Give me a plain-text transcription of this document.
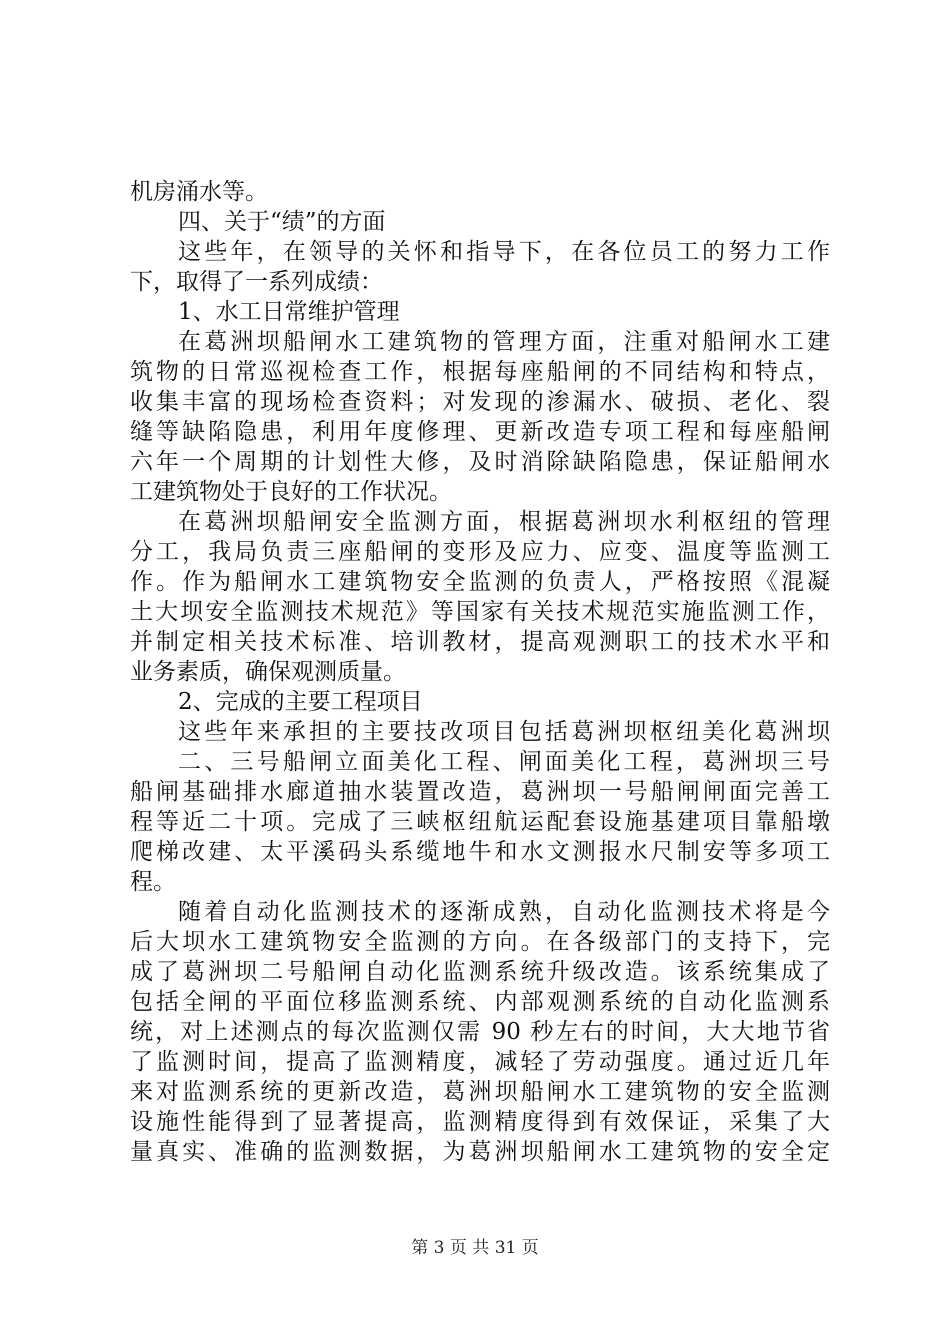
机房涌水等。
四、关于“绩”的方面
这些年，在领导的关怀和指导下，在各位员工的努力工作
下，取得了一系列成绩：
1、水工日常维护管理
在葛洲坝船闸水工建筑物的管理方面，注重对船闸水工建
筑物的日常巡视检查工作，根据每座船闸的不同结构和特点，
收集丰富的现场检查资料；对发现的渗漏水、破损、老化、裂
缝等缺陷隐患，利用年度修理、更新改造专项工程和每座船闸
六年一个周期的计划性大修，及时消除缺陷隐患，保证船闸水
工建筑物处于良好的工作状况。
在葛洲坝船闸安全监测方面，根据葛洲坝水利枢纽的管理
分工，我局负责三座船闸的变形及应力、应变、温度等监测工
作。作为船闸水工建筑物安全监测的负责人，严格按照《混凝
土大坝安全监测技术规范》等国家有关技术规范实施监测工作，
并制定相关技术标准、培训教材，提高观测职工的技术水平和
业务素质，确保观测质量。
2、完成的主要工程项目
这些年来承担的主要技改项目包括葛洲坝枢纽美化葛洲坝
二、三号船闸立面美化工程、闸面美化工程，葛洲坝三号
船闸基础排水廊道抽水装置改造，葛洲坝一号船闸闸面完善工
程等近二十项。完成了三峡枢纽航运配套设施基建项目靠船墩
爬梯改建、太平溪码头系缆地牛和水文测报水尺制安等多项工
程。
随着自动化监测技术的逐渐成熟，自动化监测技术将是今
后大坝水工建筑物安全监测的方向。在各级部门的支持下，完
成了葛洲坝二号船闸自动化监测系统升级改造。该系统集成了
包括全闸的平面位移监测系统、内部观测系统的自动化监测系
统，对上述测点的每次监测仅需 90 秒左右的时间，大大地节省
了监测时间，提高了监测精度，减轻了劳动强度。通过近几年
来对监测系统的更新改造，葛洲坝船闸水工建筑物的安全监测
设施性能得到了显著提高，监测精度得到有效保证，采集了大
量真实、准确的监测数据，为葛洲坝船闸水工建筑物的安全定
第 3 页 共 31 页
